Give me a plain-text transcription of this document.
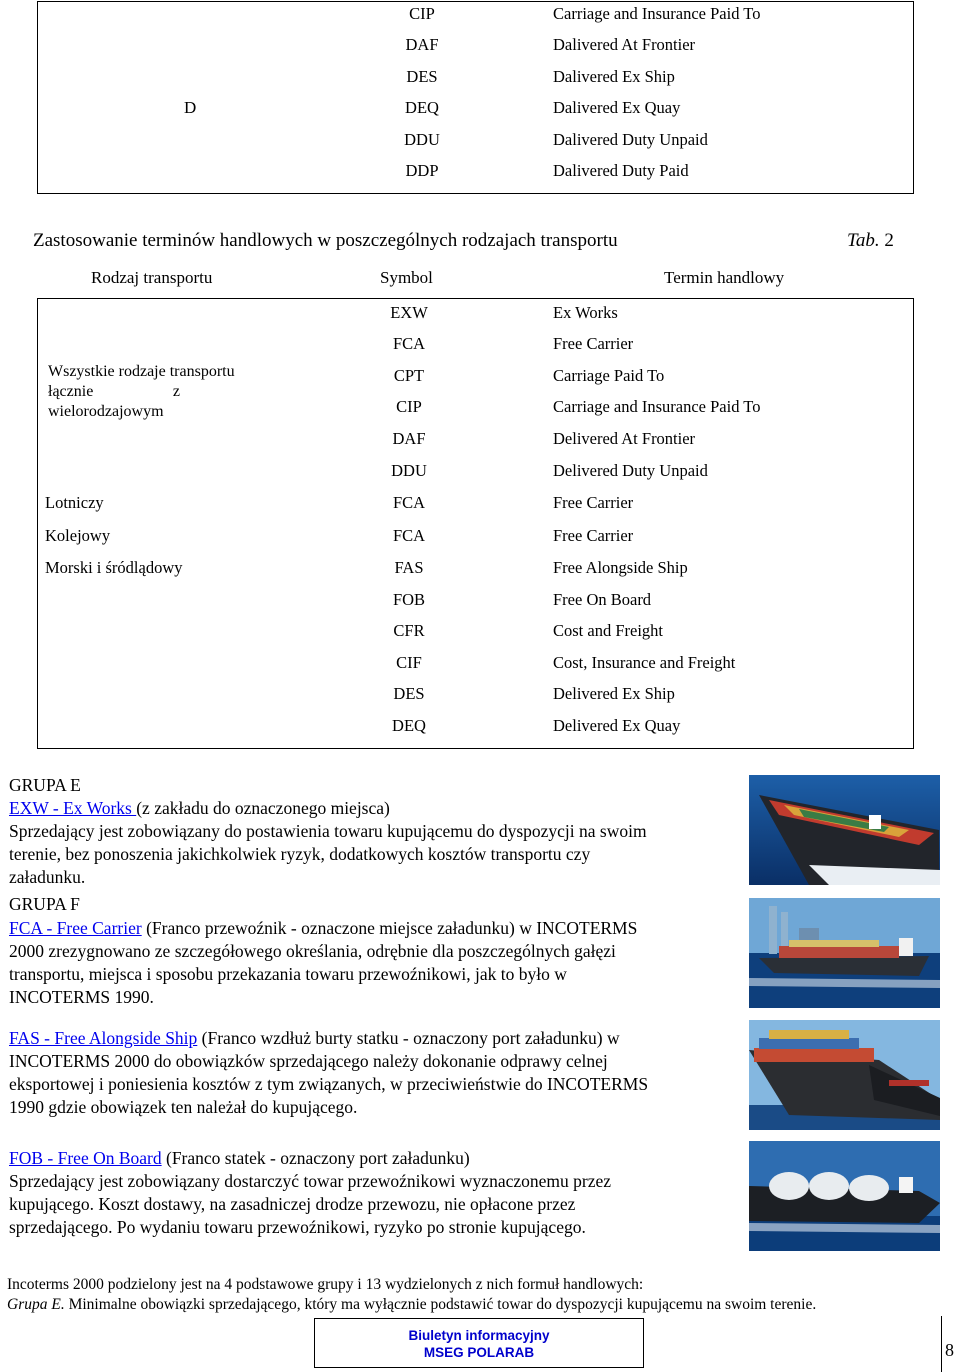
D
CIP	Carriage and Insurance Paid To
DAF	Dalivered At Frontier
DES	Dalivered Ex Ship
DEQ	Dalivered Ex Quay
DDU	Dalivered Duty Unpaid
DDP	Dalivered Duty Paid
Zastosowanie terminów handlowych w poszczególnych rodzajach transportu	Tab. 2
Rodzaj transportu	Symbol	Termin handlowy
Wszystkie rodzaje transportu
łącznie	z
wielorodzajowym
EXW	Ex Works
FCA	Free Carrier
CPT	Carriage Paid To
CIP	Carriage and Insurance Paid To
DAF	Delivered At Frontier
DDU	Delivered Duty Unpaid
Lotniczy	FCA	Free Carrier
Kolejowy	FCA	Free Carrier
Morski i śródlądowy	FAS	Free Alongside Ship
FOB	Free On Board
CFR	Cost and Freight
CIF	Cost, Insurance and Freight
DES	Delivered Ex Ship
DEQ	Delivered Ex Quay
GRUPA E
EXW - Ex Works (z zakładu do oznaczonego miejsca)
Sprzedający jest zobowiązany do postawienia towaru kupującemu do dyspozycji na swoim
terenie, bez ponoszenia jakichkolwiek ryzyk, dodatkowych kosztów transportu czy
załadunku.
GRUPA F
FCA - Free Carrier (Franco przewoźnik - oznaczone miejsce załadunku) w INCOTERMS
2000 zrezygnowano ze szczegółowego określania, odrębnie dla poszczególnych gałęzi
transportu, miejsca i sposobu przekazania towaru przewoźnikowi, jak to było w
INCOTERMS 1990.
FAS - Free Alongside Ship (Franco wzdłuż burty statku - oznaczony port załadunku) w
INCOTERMS 2000 do obowiązków sprzedającego należy dokonanie odprawy celnej
eksportowej i poniesienia kosztów z tym związanych, w przeciwieństwie do INCOTERMS
1990 gdzie obowiązek ten należał do kupującego.
FOB - Free On Board (Franco statek - oznaczony port załadunku)
Sprzedający jest zobowiązany dostarczyć towar przewoźnikowi wyznaczonemu przez
kupującego. Koszt dostawy, na zasadniczej drodze przewozu, nie opłacone przez
sprzedającego. Po wydaniu towaru przewoźnikowi, ryzyko po stronie kupującego.
Incoterms 2000 podzielony jest na 4 podstawowe grupy i 13 wydzielonych z nich formuł handlowych:
Grupa E. Minimalne obowiązki sprzedającego, który ma wyłącznie podstawić towar do dyspozycji kupującemu na swoim terenie.
Biuletyn informacyjny
MSEG POLARAB	8
